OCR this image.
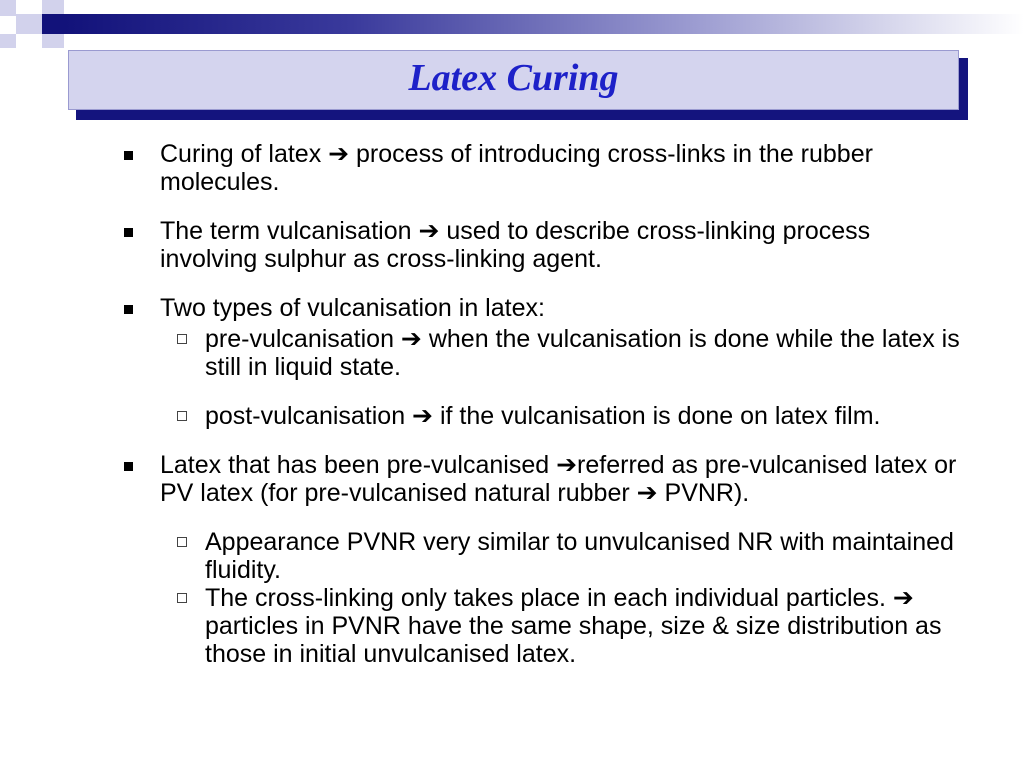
Latex Curing
Curing of latex ➔ process of introducing cross-links in the rubber molecules.
The term vulcanisation ➔ used to describe cross-linking process involving sulphur as cross-linking agent.
Two types of vulcanisation in latex:
pre-vulcanisation ➔ when the vulcanisation is done while the latex is still in liquid state.
post-vulcanisation ➔ if the vulcanisation is done on latex film.
Latex that has been pre-vulcanised ➔referred as pre-vulcanised latex or PV latex (for pre-vulcanised natural rubber ➔ PVNR).
Appearance PVNR very similar to unvulcanised NR with maintained fluidity.
The cross-linking only takes place in each individual particles. ➔ particles in PVNR have the same shape, size & size distribution as those in initial unvulcanised latex.
